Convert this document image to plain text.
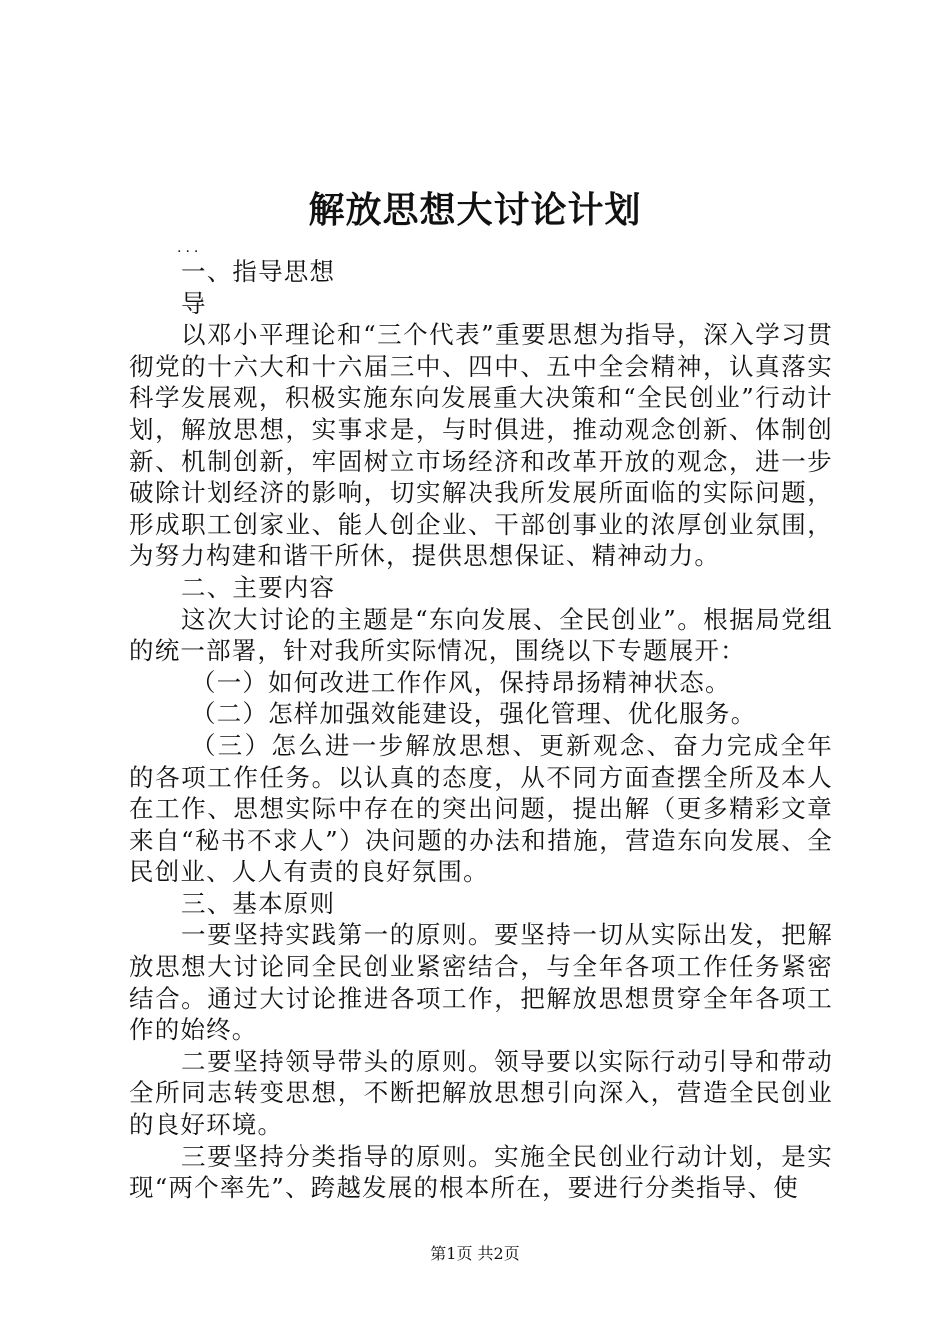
解放思想大讨论计划

...

一、指导思想

导

以邓小平理论和“三个代表”重要思想为指导，深入学习贯彻党的十六大和十六届三中、四中、五中全会精神，认真落实科学发展观，积极实施东向发展重大决策和“全民创业”行动计划，解放思想，实事求是，与时俱进，推动观念创新、体制创新、机制创新，牢固树立市场经济和改革开放的观念，进一步破除计划经济的影响，切实解决我所发展所面临的实际问题，形成职工创家业、能人创企业、干部创事业的浓厚创业氛围，为努力构建和谐干所休，提供思想保证、精神动力。

二、主要内容

这次大讨论的主题是“东向发展、全民创业”。根据局党组的统一部署，针对我所实际情况，围绕以下专题展开：

（一）如何改进工作作风，保持昂扬精神状态。

（二）怎样加强效能建设，强化管理、优化服务。

（三）怎么进一步解放思想、更新观念、奋力完成全年的各项工作任务。以认真的态度，从不同方面查摆全所及本人在工作、思想实际中存在的突出问题，提出解（更多精彩文章来自“秘书不求人”）决问题的办法和措施，营造东向发展、全民创业、人人有责的良好氛围。

三、基本原则

一要坚持实践第一的原则。要坚持一切从实际出发，把解放思想大讨论同全民创业紧密结合，与全年各项工作任务紧密结合。通过大讨论推进各项工作，把解放思想贯穿全年各项工作的始终。

二要坚持领导带头的原则。领导要以实际行动引导和带动全所同志转变思想，不断把解放思想引向深入，营造全民创业的良好环境。

三要坚持分类指导的原则。实施全民创业行动计划，是实现“两个率先”、跨越发展的根本所在，要进行分类指导、使

第1页 共2页
